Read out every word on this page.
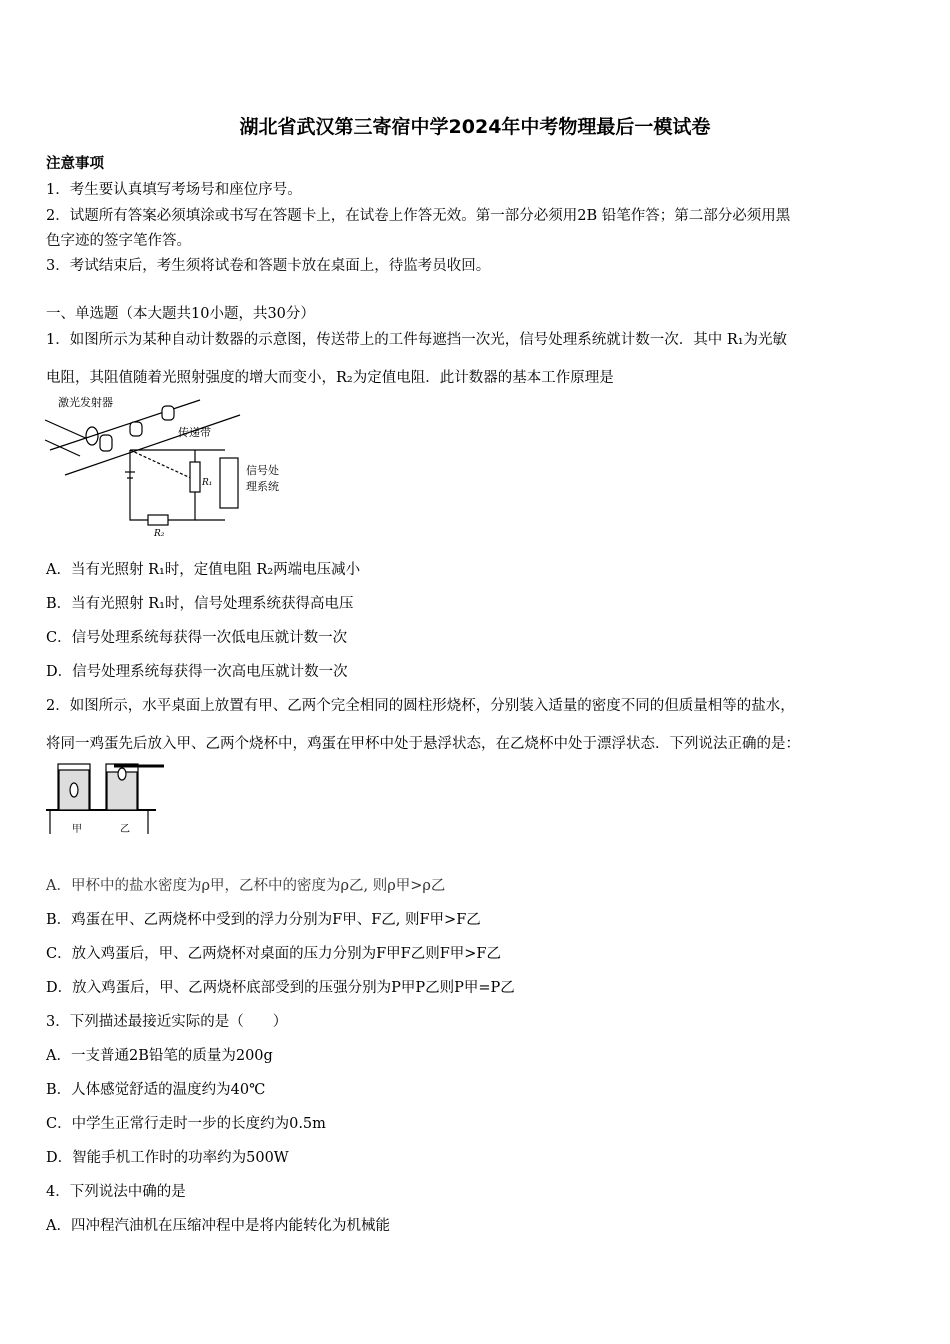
湖北省武汉第三寄宿中学2024年中考物理最后一模试卷
注意事项
1．考生要认真填写考场号和座位序号。
2．试题所有答案必须填涂或书写在答题卡上，在试卷上作答无效。第一部分必须用2B 铅笔作答；第二部分必须用黑
色字迹的签字笔作答。
3．考试结束后，考生须将试卷和答题卡放在桌面上，待监考员收回。
一、单选题（本大题共10小题，共30分）
1．如图所示为某种自动计数器的示意图，传送带上的工件每遮挡一次光，信号处理系统就计数一次．其中 R₁为光敏
电阻，其阻值随着光照射强度的增大而变小，R₂为定值电阻．此计数器的基本工作原理是
激光发射器
传递带
信号处
理系统
R₁
R₂
A．当有光照射 R₁时，定值电阻 R₂两端电压减小
B．当有光照射 R₁时，信号处理系统获得高电压
C．信号处理系统每获得一次低电压就计数一次
D．信号处理系统每获得一次高电压就计数一次
2．如图所示，水平桌面上放置有甲、乙两个完全相同的圆柱形烧杯，分别装入适量的密度不同的但质量相等的盐水，
将同一鸡蛋先后放入甲、乙两个烧杯中，鸡蛋在甲杯中处于悬浮状态，在乙烧杯中处于漂浮状态．下列说法正确的是：
甲	乙
A．甲杯中的盐水密度为ρ甲，乙杯中的密度为ρ乙, 则ρ甲>ρ乙
B．鸡蛋在甲、乙两烧杯中受到的浮力分别为F甲、F乙, 则F甲>F乙
C．放入鸡蛋后，甲、乙两烧杯对桌面的压力分别为F甲F乙则F甲>F乙
D．放入鸡蛋后，甲、乙两烧杯底部受到的压强分别为P甲P乙则P甲=P乙
3．下列描述最接近实际的是（　　）
A．一支普通2B铅笔的质量为200g
B．人体感觉舒适的温度约为40℃
C．中学生正常行走时一步的长度约为0.5m
D．智能手机工作时的功率约为500W
4．下列说法中确的是
A．四冲程汽油机在压缩冲程中是将内能转化为机械能
